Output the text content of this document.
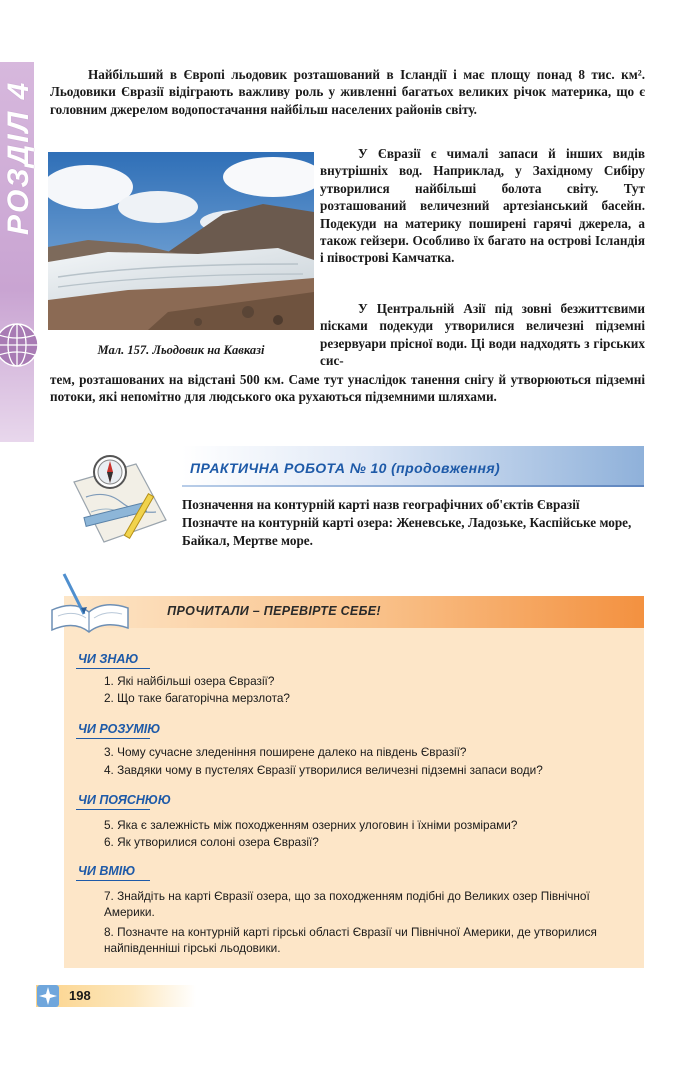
РОЗДІЛ 4

Найбільший в Європі льодовик розташований в Ісландії і має площу понад 8 тис. км². Льодовики Євразії відіграють важливу роль у живленні багатьох великих річок материка, що є головним джерелом водопостачання найбільш населених районів світу.

Мал. 157. Льодовик на Кавказі

У Євразії є чималі запаси й інших видів внутрішніх вод. Наприклад, у Західному Сибіру утворилися найбільші болота світу. Тут розташований величезний артезіанський басейн. Подекуди на материку поширені гарячі джерела, а також гейзери. Особливо їх багато на острові Ісландія і півострові Камчатка.

У Центральній Азії під зовні безжиттєвими пісками подекуди утворилися величезні підземні резервуари прісної води. Ці води надходять з гірських сис-

тем, розташованих на відстані 500 км. Саме тут унаслідок танення снігу й утворюються підземні потоки, які непомітно для людського ока рухаються підземними шляхами.

ПРАКТИЧНА РОБОТА № 10 (продовження)

Позначення на контурній карті назв географічних об'єктів Євразії

Позначте на контурній карті озера: Женевське, Ладозьке, Каспійське море, Байкал, Мертве море.

ПРОЧИТАЛИ – ПЕРЕВІРТЕ СЕБЕ!
ЧИ ЗНАЮ

1. Які найбільші озера Євразії?

2. Що таке багаторічна мерзлота?

ЧИ РОЗУМІЮ

3. Чому сучасне зледеніння поширене далеко на південь Євразії?

4. Завдяки чому в пустелях Євразії утворилися величезні підземні запаси води?

ЧИ ПОЯСНЮЮ

5. Яка є залежність між походженням озерних улоговин і їхніми розмірами?

6. Як утворилися солоні озера Євразії?

ЧИ ВМІЮ

7. Знайдіть на карті Євразії озера, що за походженням подібні до Великих озер Північної Америки.

8. Позначте на контурній карті гірські області Євразії чи Північної Америки, де утворилися найпівденніші гірські льодовики.

198
